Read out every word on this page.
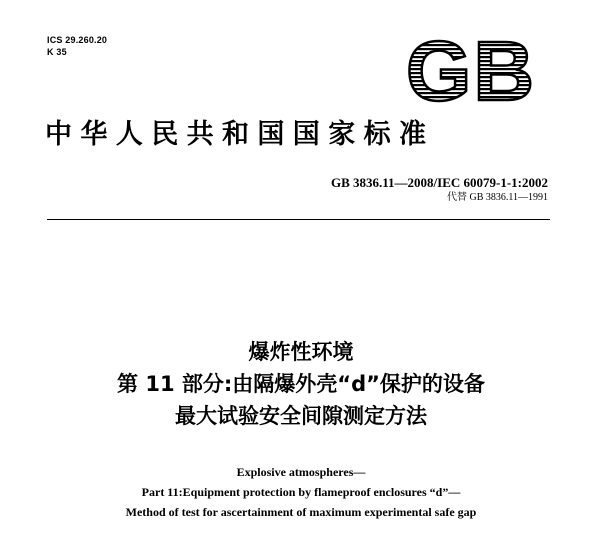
ICS 29.260.20
K 35	GB
中华人民共和国国家标准
GB 3836.11—2008/IEC 60079-1-1:2002
代替 GB 3836.11—1991
爆炸性环境
第 11 部分:由隔爆外壳“d”保护的设备
最大试验安全间隙测定方法
Explosive atmospheres—
Part 11:Equipment protection by flameproof enclosures “d”—
Method of test for ascertainment of maximum experimental safe gap
